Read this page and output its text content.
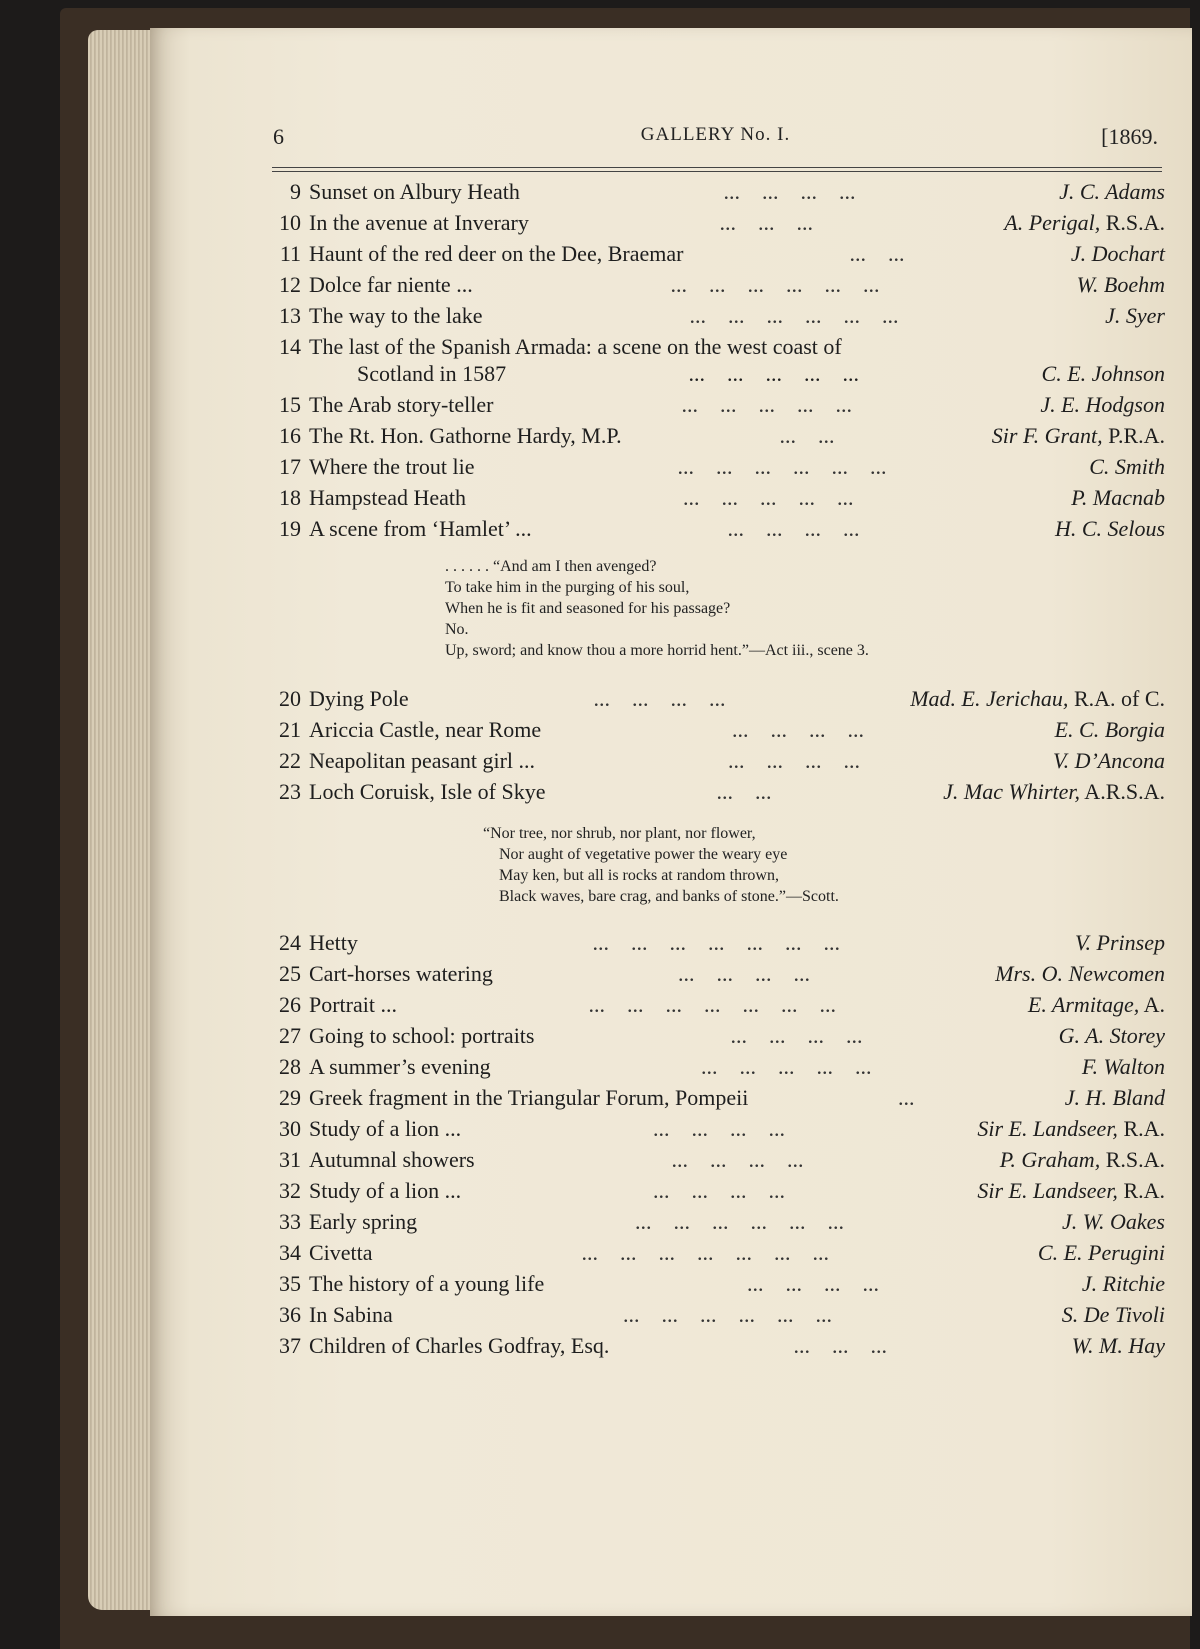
6	GALLERY No. I.	[1869.
9 Sunset on Albury Heath	...    ...    ...    ...	J. C. Adams
10 In the avenue at Inverary	...    ...    ...	A. Perigal, R.S.A.
11 Haunt of the red deer on the Dee, Braemar	...    ...	J. Dochart
12 Dolce far niente ...	...    ...    ...    ...    ...    ...	W. Boehm
13 The way to the lake	...    ...    ...    ...    ...    ...	J. Syer
14 The last of the Spanish Armada: a scene on the west coast of
Scotland in 1587	...    ...    ...    ...    ...	C. E. Johnson
15 The Arab story-teller	...    ...    ...    ...    ...	J. E. Hodgson
16 The Rt. Hon. Gathorne Hardy, M.P.	...    ...	Sir F. Grant, P.R.A.
17 Where the trout lie	...    ...    ...    ...    ...    ...	C. Smith
18 Hampstead Heath	...    ...    ...    ...    ...	P. Macnab
19 A scene from ‘Hamlet’ ...	...    ...    ...    ...	H. C. Selous
. . . . . . “And am I then avenged?
To take him in the purging of his soul,
When he is fit and seasoned for his passage?
No.
Up, sword; and know thou a more horrid hent.”—Act iii., scene 3.
20 Dying Pole	...    ...    ...    ...	Mad. E. Jerichau, R.A. of C.
21 Ariccia Castle, near Rome	...    ...    ...    ...	E. C. Borgia
22 Neapolitan peasant girl ...	...    ...    ...    ...	V. D’Ancona
23 Loch Coruisk, Isle of Skye	...    ...	J. Mac Whirter, A.R.S.A.
“Nor tree, nor shrub, nor plant, nor flower,
Nor aught of vegetative power the weary eye
May ken, but all is rocks at random thrown,
Black waves, bare crag, and banks of stone.”—Scott.
24 Hetty	...    ...    ...    ...    ...    ...    ...	V. Prinsep
25 Cart-horses watering	...    ...    ...    ...	Mrs. O. Newcomen
26 Portrait ...	...    ...    ...    ...    ...    ...    ...	E. Armitage, A.
27 Going to school: portraits	...    ...    ...    ...	G. A. Storey
28 A summer’s evening	...    ...    ...    ...    ...	F. Walton
29 Greek fragment in the Triangular Forum, Pompeii	...	J. H. Bland
30 Study of a lion ...	...    ...    ...    ...	Sir E. Landseer, R.A.
31 Autumnal showers	...    ...    ...    ...	P. Graham, R.S.A.
32 Study of a lion ...	...    ...    ...    ...	Sir E. Landseer, R.A.
33 Early spring	...    ...    ...    ...    ...    ...	J. W. Oakes
34 Civetta	...    ...    ...    ...    ...    ...    ...	C. E. Perugini
35 The history of a young life	...    ...    ...    ...	J. Ritchie
36 In Sabina	...    ...    ...    ...    ...    ...	S. De Tivoli
37 Children of Charles Godfray, Esq.	...    ...    ...	W. M. Hay
